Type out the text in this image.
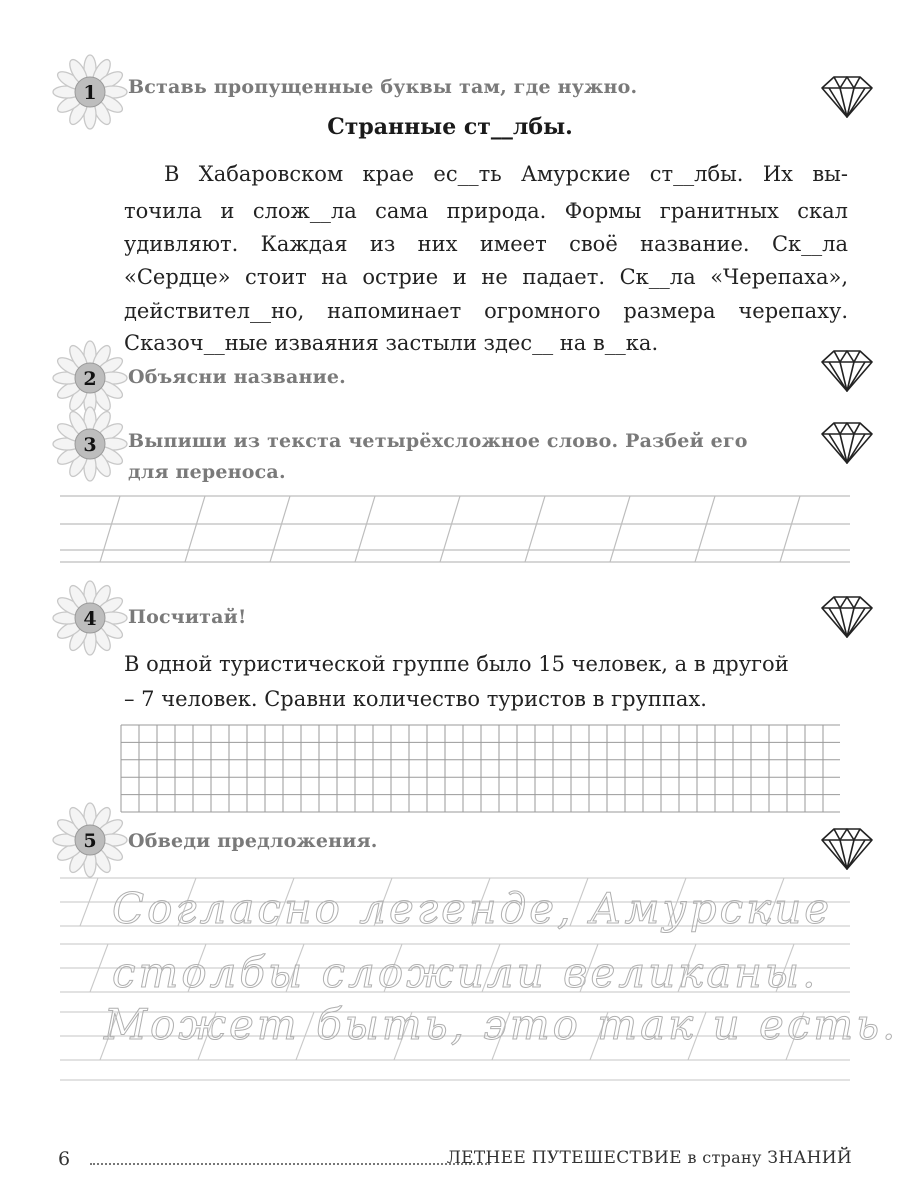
1 Вставь пропущенные буквы там, где нужно.
Странные ст__лбы.
В Хабаровском крае ес__ть Амурские ст__лбы. Их вы-
точила и слож__ла сама природа. Формы гранитных скал
удивляют. Каждая из них имеет своё название. Ск__ла
«Сердце» стоит на острие и не падает. Ск__ла «Черепаха»,
действител__но, напоминает огромного размера черепаху.
Сказоч__ные изваяния застыли здес__ на в__ка.
2 Объясни название.
3 Выпиши из текста четырёхсложное слово. Разбей его
для переноса.
4 Посчитай!
В одной туристической группе было 15 человек, а в другой
– 7 человек. Сравни количество туристов в группах.
5 Обведи предложения.
Согласно легенде, Амурские
столбы сложили великаны.
Может быть, это так и есть.
6	ЛЕТНЕЕ ПУТЕШЕСТВИЕ в страну ЗНАНИЙ
